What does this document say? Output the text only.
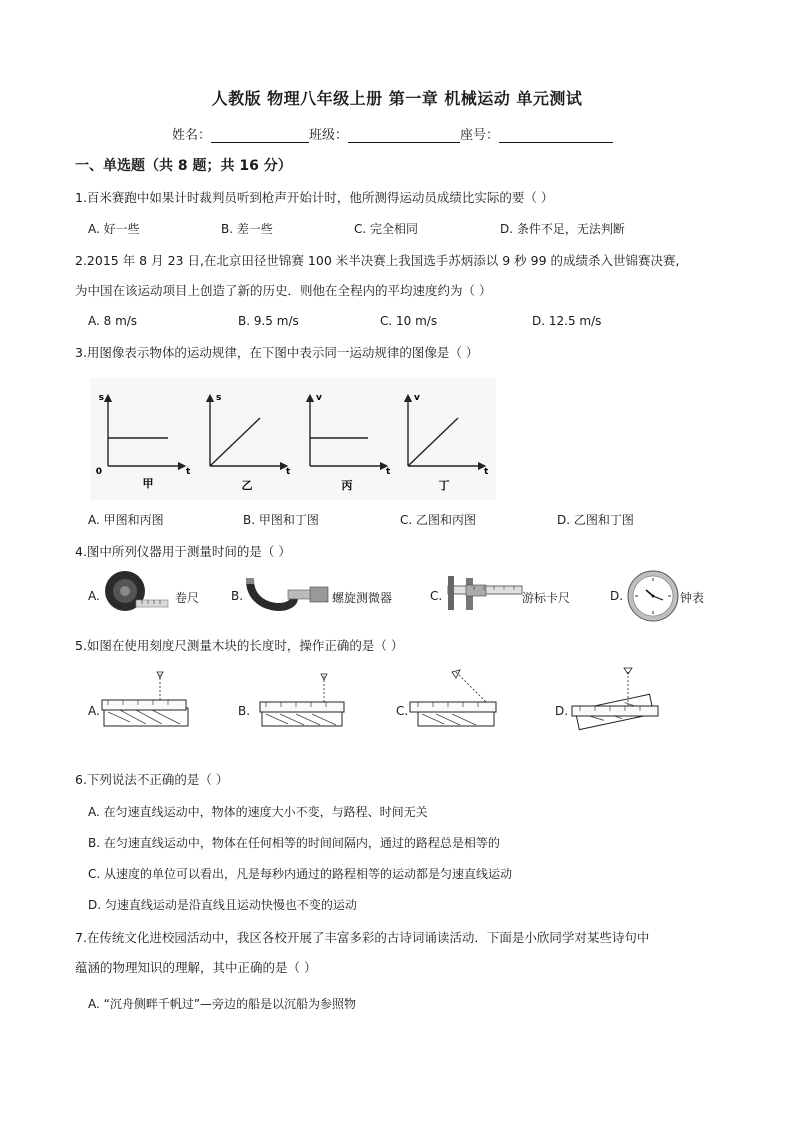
人教版 物理八年级上册 第一章 机械运动 单元测试
姓名：	班级：	座号：
一、单选题（共 8 题；共 16 分）
1.百米赛跑中如果计时裁判员听到枪声开始计时，他所测得运动员成绩比实际的要（ ）
A. 好一些	B. 差一些	C. 完全相同	D. 条件不足，无法判断
2.2015 年 8 月 23 日,在北京田径世锦赛 100 米半决赛上我国选手苏炳添以 9 秒 99 的成绩杀入世锦赛决赛,
为中国在该运动项目上创造了新的历史．则他在全程内的平均速度约为（ ）
A. 8 m/s	B. 9.5 m/s	C. 10 m/s	D. 12.5 m/s
3.用图像表示物体的运动规律，在下图中表示同一运动规律的图像是（ ）
s
0	t
甲
s
t
乙
v
t
丙
v
t
丁
A. 甲图和丙图	B. 甲图和丁图	C. 乙图和丙图	D. 乙图和丁图
4.图中所列仪器用于测量时间的是（ ）
A.	卷尺	B.	螺旋测微器	C.	游标卡尺	D.	钟表
5.如图在使用刻度尺测量木块的长度时，操作正确的是（ ）
A.	B.	C.	D.
6.下列说法不正确的是（ ）
A. 在匀速直线运动中，物体的速度大小不变，与路程、时间无关
B. 在匀速直线运动中，物体在任何相等的时间间隔内，通过的路程总是相等的
C. 从速度的单位可以看出，凡是每秒内通过的路程相等的运动都是匀速直线运动
D. 匀速直线运动是沿直线且运动快慢也不变的运动
7.在传统文化进校园活动中，我区各校开展了丰富多彩的古诗词诵读活动．下面是小欣同学对某些诗句中
蕴涵的物理知识的理解，其中正确的是（ ）
A. “沉舟侧畔千帆过”—旁边的船是以沉船为参照物
